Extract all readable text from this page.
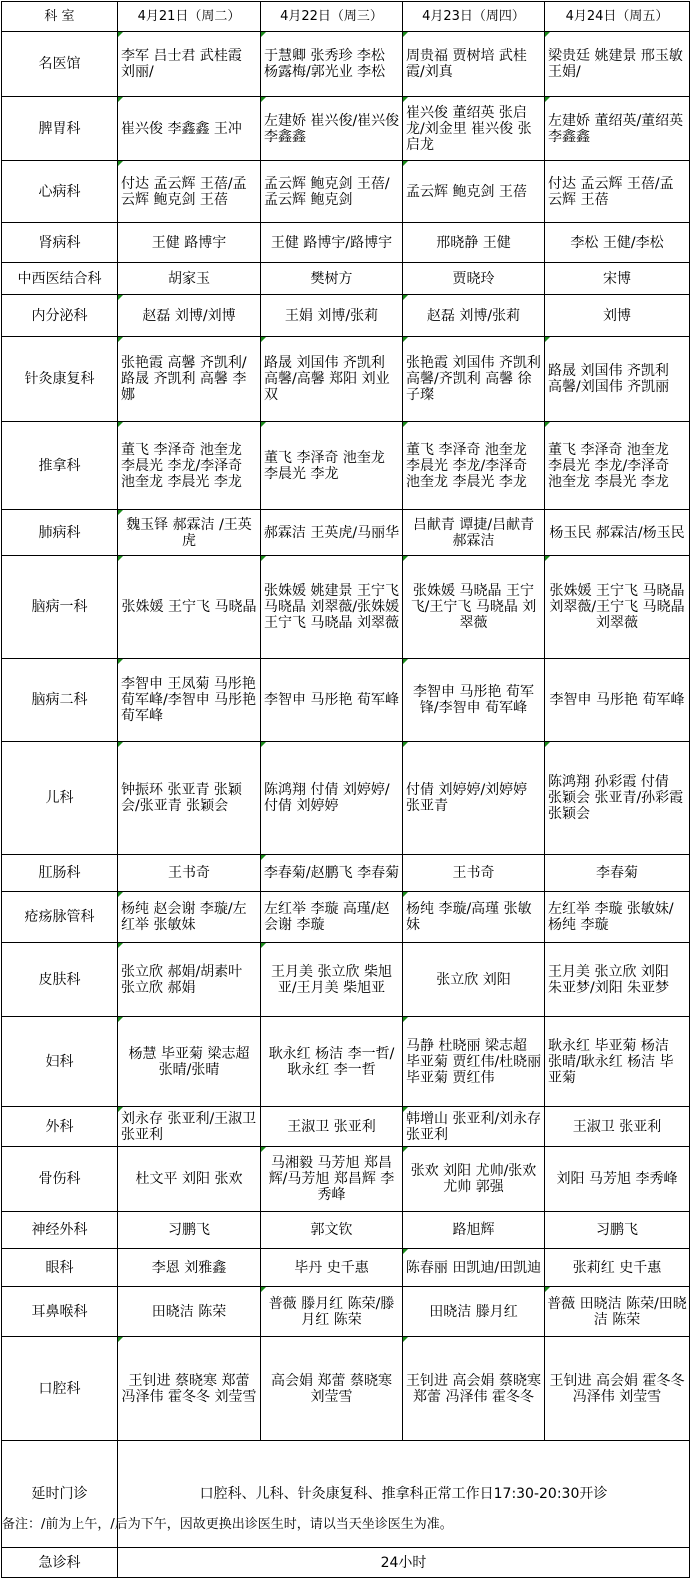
科 室	4月21日（周二）	4月22日（周三）	4月23日（周四）	4月24日（周五）
名医馆	李军 吕士君 武桂霞 刘丽/	于慧卿 张秀珍 李松 杨露梅/郭光业 李松	周贵福 贾树培 武桂霞/刘真	梁贵廷 姚建景 邢玉敏 王娟/
脾胃科	崔兴俊 李鑫鑫 王冲	左建娇 崔兴俊/崔兴俊 李鑫鑫	崔兴俊 董绍英 张启龙/刘金里 崔兴俊 张启龙	左建娇 董绍英/董绍英 李鑫鑫
心病科	付达 孟云辉 王蓓/孟云辉 鲍克剑 王蓓	孟云辉 鲍克剑 王蓓/孟云辉 鲍克剑	孟云辉 鲍克剑 王蓓	付达 孟云辉 王蓓/孟云辉 王蓓
肾病科	王健 路博宇	王健 路博宇/路博宇	邢晓静 王健	李松 王健/李松
中西医结合科	胡家玉	樊树方	贾晓玲	宋博
内分泌科	赵磊 刘博/刘博	王娟 刘博/张莉	赵磊 刘博/张莉	刘博
针灸康复科	张艳霞 高馨 齐凯利/路晟 齐凯利 高馨 李娜	路晟 刘国伟 齐凯利 高馨/高馨 郑阳 刘业双	张艳霞 刘国伟 齐凯利 高馨/齐凯利 高馨 徐子璨	路晟 刘国伟 齐凯利 高馨/刘国伟 齐凯丽
推拿科	董飞 李泽奇 池奎龙 李晨光 李龙/李泽奇 池奎龙 李晨光 李龙	董飞 李泽奇 池奎龙 李晨光 李龙	董飞 李泽奇 池奎龙 李晨光 李龙/李泽奇 池奎龙 李晨光 李龙	董飞 李泽奇 池奎龙 李晨光 李龙/李泽奇 池奎龙 李晨光 李龙
肺病科	魏玉铎 郝霖洁 /王英虎	郝霖洁 王英虎/马丽华	吕献青 谭捷/吕献青 郝霖洁	杨玉民 郝霖洁/杨玉民
脑病一科	张姝媛 王宁飞 马晓晶	张姝媛 姚建景 王宁飞 马晓晶 刘翠薇/张姝媛 王宁飞 马晓晶 刘翠薇	张姝媛 马晓晶 王宁飞/王宁飞 马晓晶 刘翠薇	张姝媛 王宁飞 马晓晶 刘翠薇/王宁飞 马晓晶 刘翠薇
脑病二科	李智申 王凤菊 马彤艳 荀军峰/李智申 马彤艳 荀军峰	李智申 马彤艳 荀军峰	李智申 马彤艳 荀军锋/李智申 荀军峰	李智申 马彤艳 荀军峰
儿科	钟振环 张亚青 张颖会/张亚青 张颖会	陈鸿翔 付倩 刘婷婷/付倩 刘婷婷	付倩 刘婷婷/刘婷婷 张亚青	陈鸿翔 孙彩霞 付倩 张颖会 张亚青/孙彩霞 张颖会
肛肠科	王书奇	李春菊/赵鹏飞 李春菊	王书奇	李春菊
疮疡脉管科	杨纯 赵会谢 李璇/左红举 张敏妹	左红举 李璇 高瑾/赵会谢 李璇	杨纯 李璇/高瑾 张敏妹	左红举 李璇 张敏妹/杨纯 李璇
皮肤科	张立欣 郝娟/胡素叶 张立欣 郝娟	王月美 张立欣 柴旭亚/王月美 柴旭亚	张立欣 刘阳	王月美 张立欣 刘阳 朱亚梦/刘阳 朱亚梦
妇科	杨慧 毕亚菊 梁志超 张晴/张晴	耿永红 杨洁 李一哲/耿永红 李一哲	马静 杜晓丽 梁志超 毕亚菊 贾红伟/杜晓丽 毕亚菊 贾红伟	耿永红 毕亚菊 杨洁 张晴/耿永红 杨洁 毕亚菊
外科	刘永存 张亚利/王淑卫 张亚利	王淑卫 张亚利	韩增山 张亚利/刘永存 张亚利	王淑卫 张亚利
骨伤科	杜文平 刘阳 张欢	马湘毅 马芳旭 郑昌辉/马芳旭 郑昌辉 李秀峰	张欢 刘阳 尤帅/张欢 尤帅 郭强	刘阳 马芳旭 李秀峰
神经外科	习鹏飞	郭文钦	路旭辉	习鹏飞
眼科	李恩 刘雅鑫	毕丹 史千惠	陈春丽 田凯迪/田凯迪	张莉红 史千惠
耳鼻喉科	田晓洁 陈荣	普薇 滕月红 陈荣/滕月红 陈荣	田晓洁 滕月红	普薇 田晓洁 陈荣/田晓洁 陈荣
口腔科	王钊进 蔡晓寒 郑蕾 冯泽伟 霍冬冬 刘莹雪	高会娟 郑蕾 蔡晓寒 刘莹雪	王钊进 高会娟 蔡晓寒 郑蕾 冯泽伟 霍冬冬	王钊进 高会娟 霍冬冬 冯泽伟 刘莹雪
延时门诊	口腔科、儿科、针灸康复科、推拿科正常工作日17:30-20:30开诊			
急诊科	24小时			
备注：/前为上午，/后为下午，因故更换出诊医生时，请以当天坐诊医生为准。
